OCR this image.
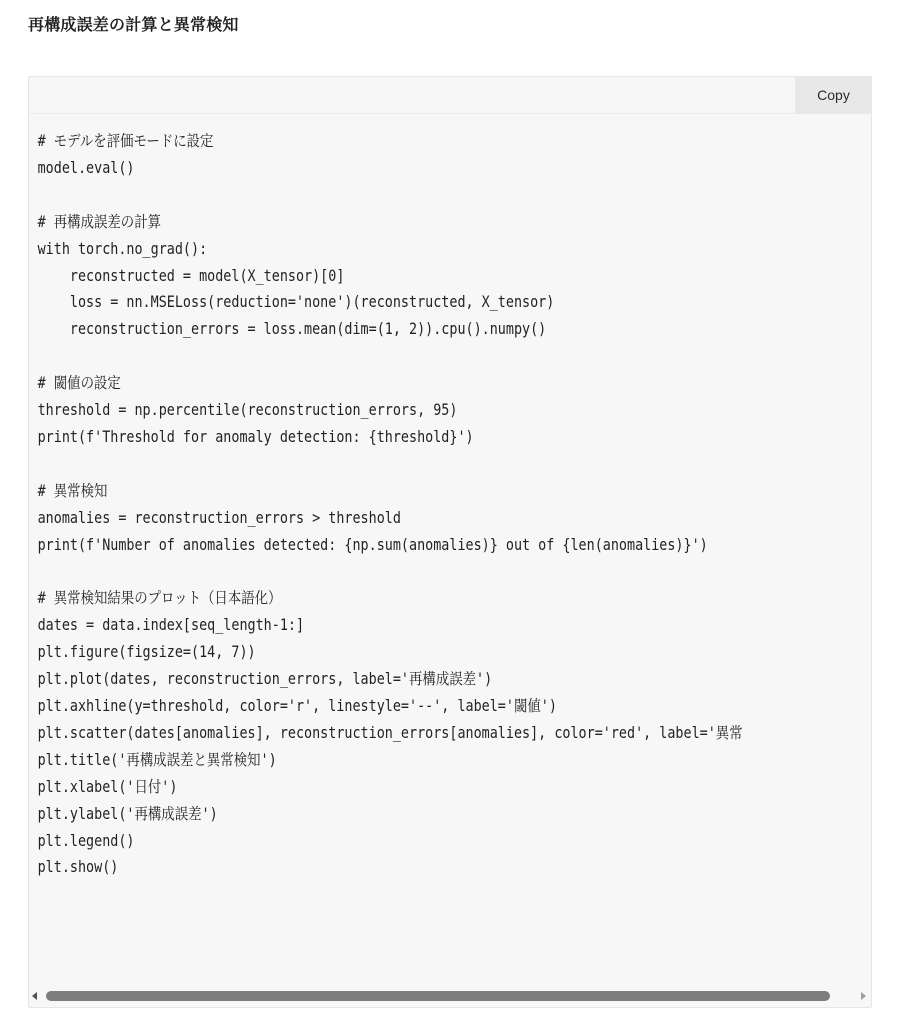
再構成誤差の計算と異常検知
Copy
# モデルを評価モードに設定
model.eval()
# 再構成誤差の計算
with torch.no_grad():
reconstructed = model(X_tensor)[0]
loss = nn.MSELoss(reduction='none')(reconstructed, X_tensor)
reconstruction_errors = loss.mean(dim=(1, 2)).cpu().numpy()
# 閾値の設定
threshold = np.percentile(reconstruction_errors, 95)
print(f'Threshold for anomaly detection: {threshold}')
# 異常検知
anomalies = reconstruction_errors > threshold
print(f'Number of anomalies detected: {np.sum(anomalies)} out of {len(anomalies)}')
# 異常検知結果のプロット（日本語化）
dates = data.index[seq_length-1:]
plt.figure(figsize=(14, 7))
plt.plot(dates, reconstruction_errors, label='再構成誤差')
plt.axhline(y=threshold, color='r', linestyle='--', label='閾値')
plt.scatter(dates[anomalies], reconstruction_errors[anomalies], color='red', label='異常
plt.title('再構成誤差と異常検知')
plt.xlabel('日付')
plt.ylabel('再構成誤差')
plt.legend()
plt.show()
